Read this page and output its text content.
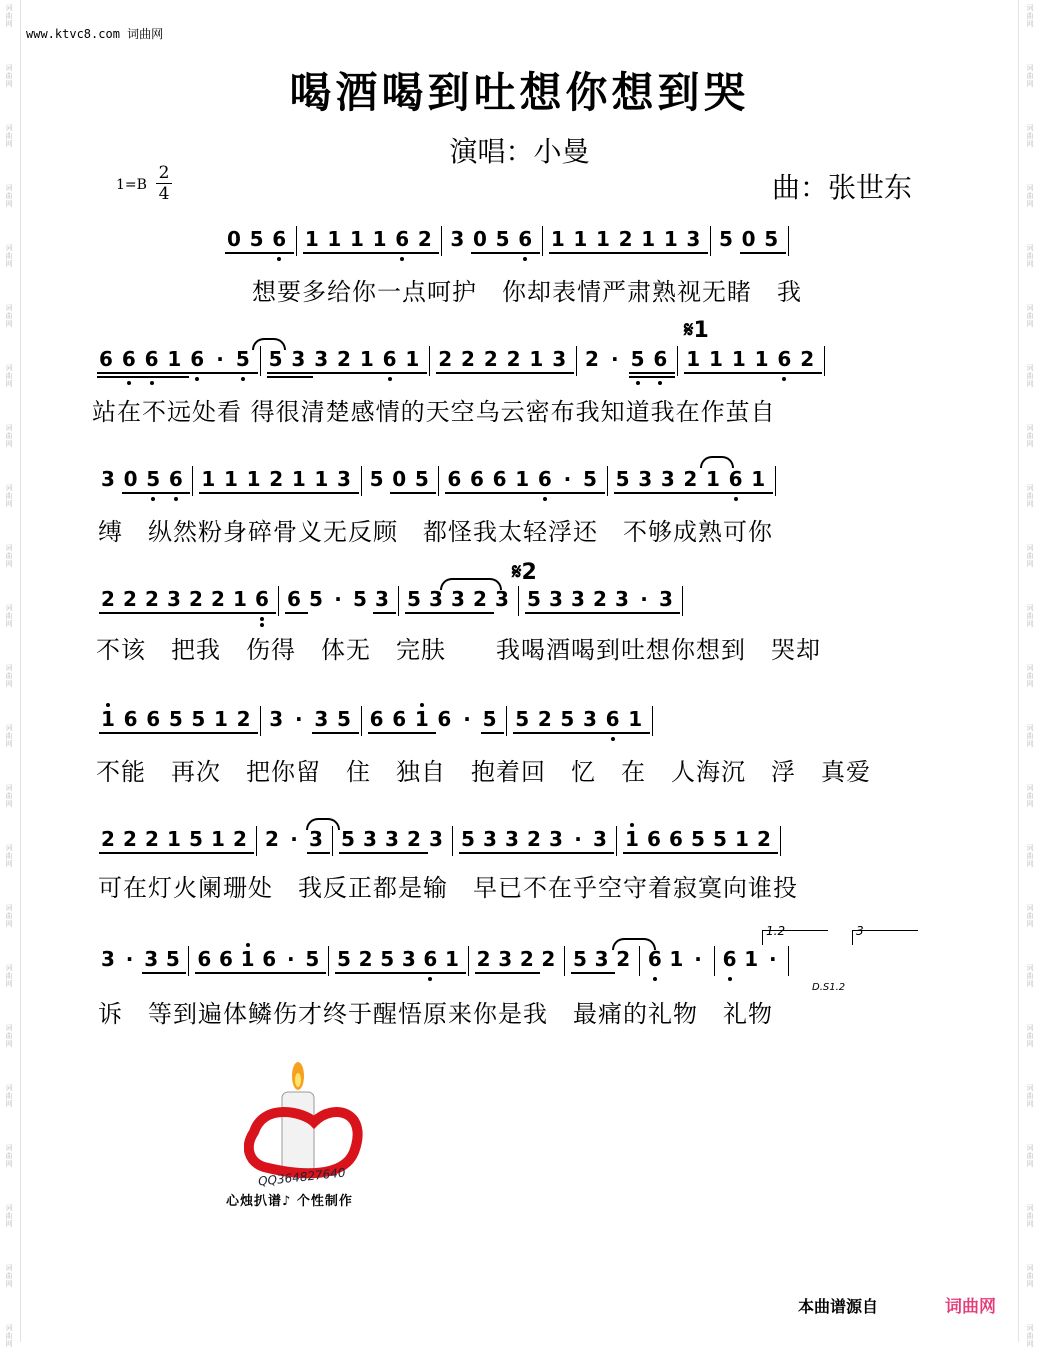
词
曲
网
词
曲
网
词
曲
网
词
曲
网
词
曲
网
词
曲
网
词
曲
网
词
曲
网
词
曲
网
词
曲
网
词
曲
网
词
曲
网
词
曲
网
词
曲
网
词
曲
网
词
曲
网
词
曲
网
词
曲
网
词
曲
网
词
曲
网
词
曲
网
词
曲
网
词
曲
网
词
曲
网
词
曲
网
词
曲
网
词
曲
网
词
曲
网
词
曲
网
词
曲
网
词
曲
网
词
曲
网
词
曲
网
词
曲
网
词
曲
网
词
曲
网
词
曲
网
词
曲
网
词
曲
网
词
曲
网
词
曲
网
词
曲
网
词
曲
网
词
曲
网
词
曲
网
词
曲
网
www.ktvc8.com 词曲网
喝酒喝到吐想你想到哭
演唱：小曼
曲：张世东
1=B
2
4
0 5 6 1 1 1 1 6 2 3 0 5 6 1 1 1 2 1 1 3 5 0 5
6 6 6 1 6 · 5 5 3 3 2 1 6 1 2 2 2 2 1 3 2 · 5 6 1 1 1 1 6 2
3 0 5 6 1 1 1 2 1 1 3 5 0 5 6 6 6 1 6 · 5 5 3 3 2 1 6 1
2 2 2 3 2 2 1 6 6 5 · 5 3 5 3 3 2 3 5 3 3 2 3 · 3
1 6 6 5 5 1 2 3 · 3 5 6 6 1 6 · 5 5 2 5 3 6 1
2 2 2 1 5 1 2 2 · 3 5 3 3 2 3 5 3 3 2 3 · 3 1 6 6 5 5 1 2
3 · 3 5 6 6 1 6 · 5 5 2 5 3 6 1 2 3 2 2 5 3 2 6 1 · 6 1 ·
想要多给你一点呵护　你却表情严肃熟视无睹　我
站在不远处看 得很清楚感情的天空乌云密布我知道我在作茧自
缚　纵然粉身碎骨义无反顾　都怪我太轻浮还　不够成熟可你
不该　把我　伤得　体无　完肤　　我喝酒喝到吐想你想到　哭却
不能　再次　把你留　住　独自　抱着回　忆　在　人海沉　浮　真爱
可在灯火阑珊处　我反正都是输　早已不在乎空守着寂寞向谁投
诉　等到遍体鳞伤才终于醒悟原来你是我　最痛的礼物　礼物
𝄋1
𝄋2
1.2	3
D.S1.2
QQ364827640
心烛扒谱♪ 个性制作
本曲谱源自	词曲网
